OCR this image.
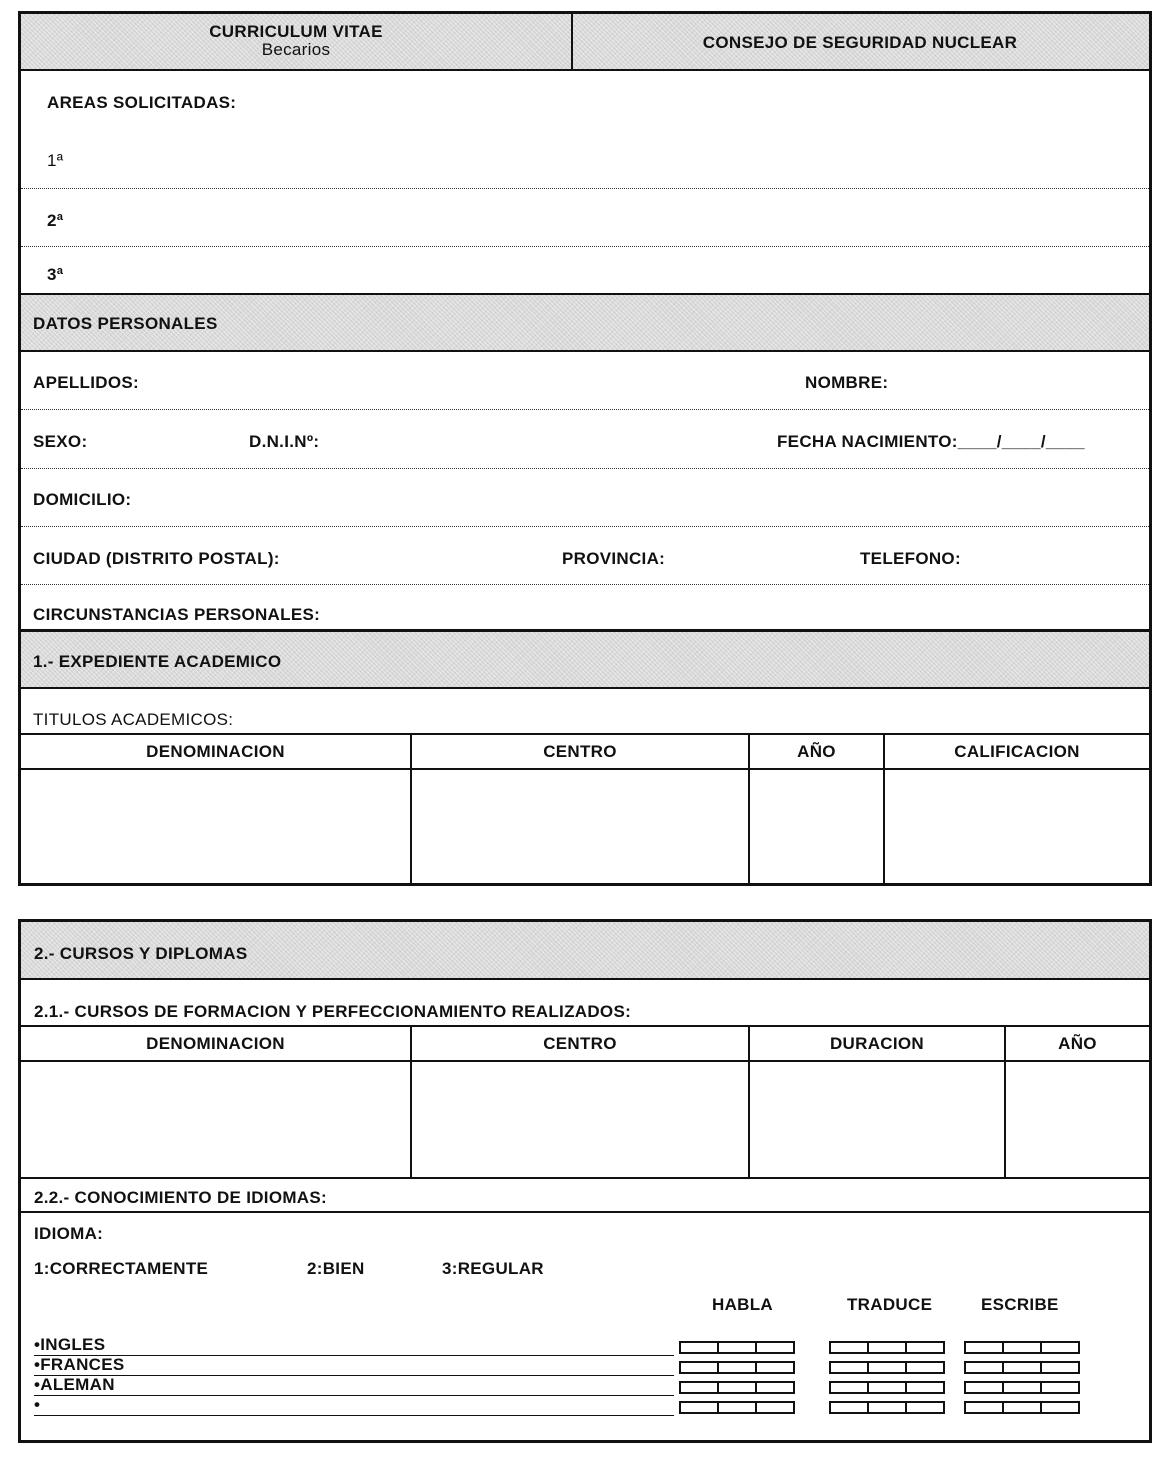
CURRICULUM VITAE
Becarios	CONSEJO DE SEGURIDAD NUCLEAR
AREAS SOLICITADAS:
1ª
2ª
3ª
DATOS PERSONALES
APELLIDOS:	NOMBRE:
SEXO:	D.N.I.Nº:	FECHA NACIMIENTO:____/____/____
DOMICILIO:
CIUDAD (DISTRITO POSTAL):	PROVINCIA:	TELEFONO:
CIRCUNSTANCIAS PERSONALES:
1.- EXPEDIENTE ACADEMICO
TITULOS ACADEMICOS:
DENOMINACION	CENTRO	AÑO	CALIFICACION

2.- CURSOS Y DIPLOMAS
2.1.- CURSOS DE FORMACION Y PERFECCIONAMIENTO REALIZADOS:
DENOMINACION	CENTRO	DURACION	AÑO

2.2.- CONOCIMIENTO DE IDIOMAS:
IDIOMA:
1:CORRECTAMENTE	2:BIEN	3:REGULAR
HABLA	TRADUCE	ESCRIBE
•INGLES
•FRANCES
•ALEMAN
•
